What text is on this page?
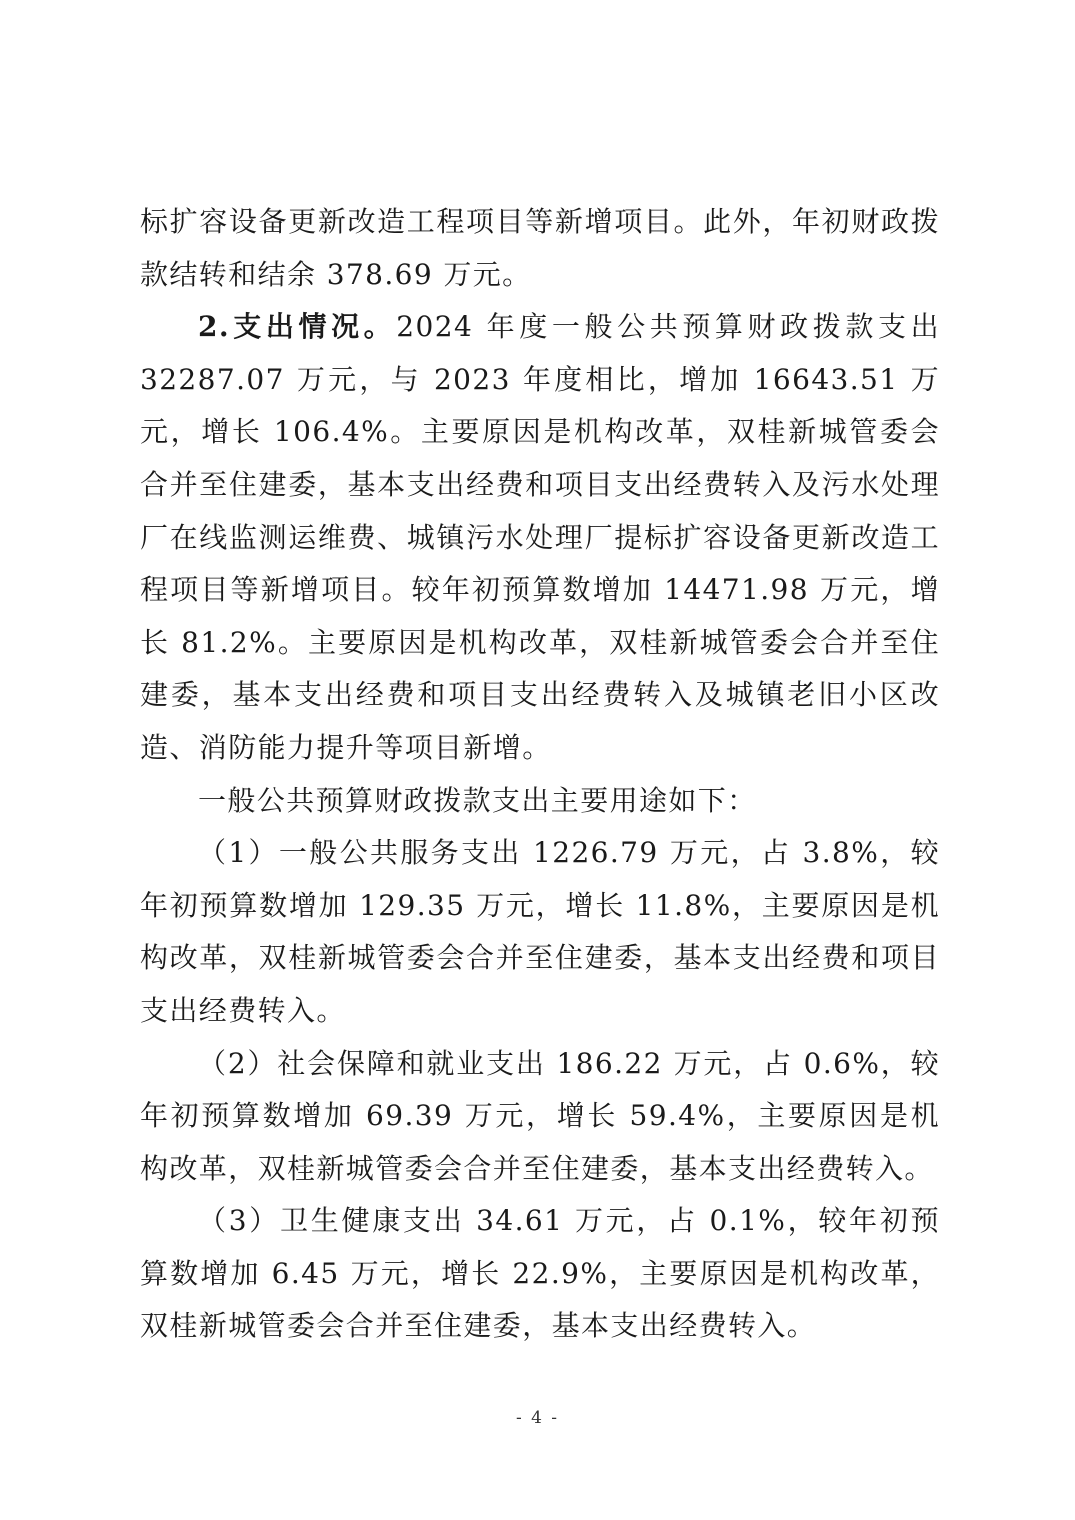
标扩容设备更新改造工程项目等新增项目。此外，年初财政拨款结转和结余 378.69 万元。

2.支出情况。2024 年度一般公共预算财政拨款支出 32287.07 万元，与 2023 年度相比，增加 16643.51 万元，增长 106.4%。主要原因是机构改革，双桂新城管委会合并至住建委，基本支出经费和项目支出经费转入及污水处理厂在线监测运维费、城镇污水处理厂提标扩容设备更新改造工程项目等新增项目。较年初预算数增加 14471.98 万元，增长 81.2%。主要原因是机构改革，双桂新城管委会合并至住建委，基本支出经费和项目支出经费转入及城镇老旧小区改造、消防能力提升等项目新增。

一般公共预算财政拨款支出主要用途如下：

（1）一般公共服务支出 1226.79 万元，占 3.8%，较年初预算数增加 129.35 万元，增长 11.8%，主要原因是机构改革，双桂新城管委会合并至住建委，基本支出经费和项目支出经费转入。

（2）社会保障和就业支出 186.22 万元，占 0.6%，较年初预算数增加 69.39 万元，增长 59.4%，主要原因是机构改革，双桂新城管委会合并至住建委，基本支出经费转入。

（3）卫生健康支出 34.61 万元，占 0.1%，较年初预算数增加 6.45 万元，增长 22.9%，主要原因是机构改革，双桂新城管委会合并至住建委，基本支出经费转入。

- 4 -
